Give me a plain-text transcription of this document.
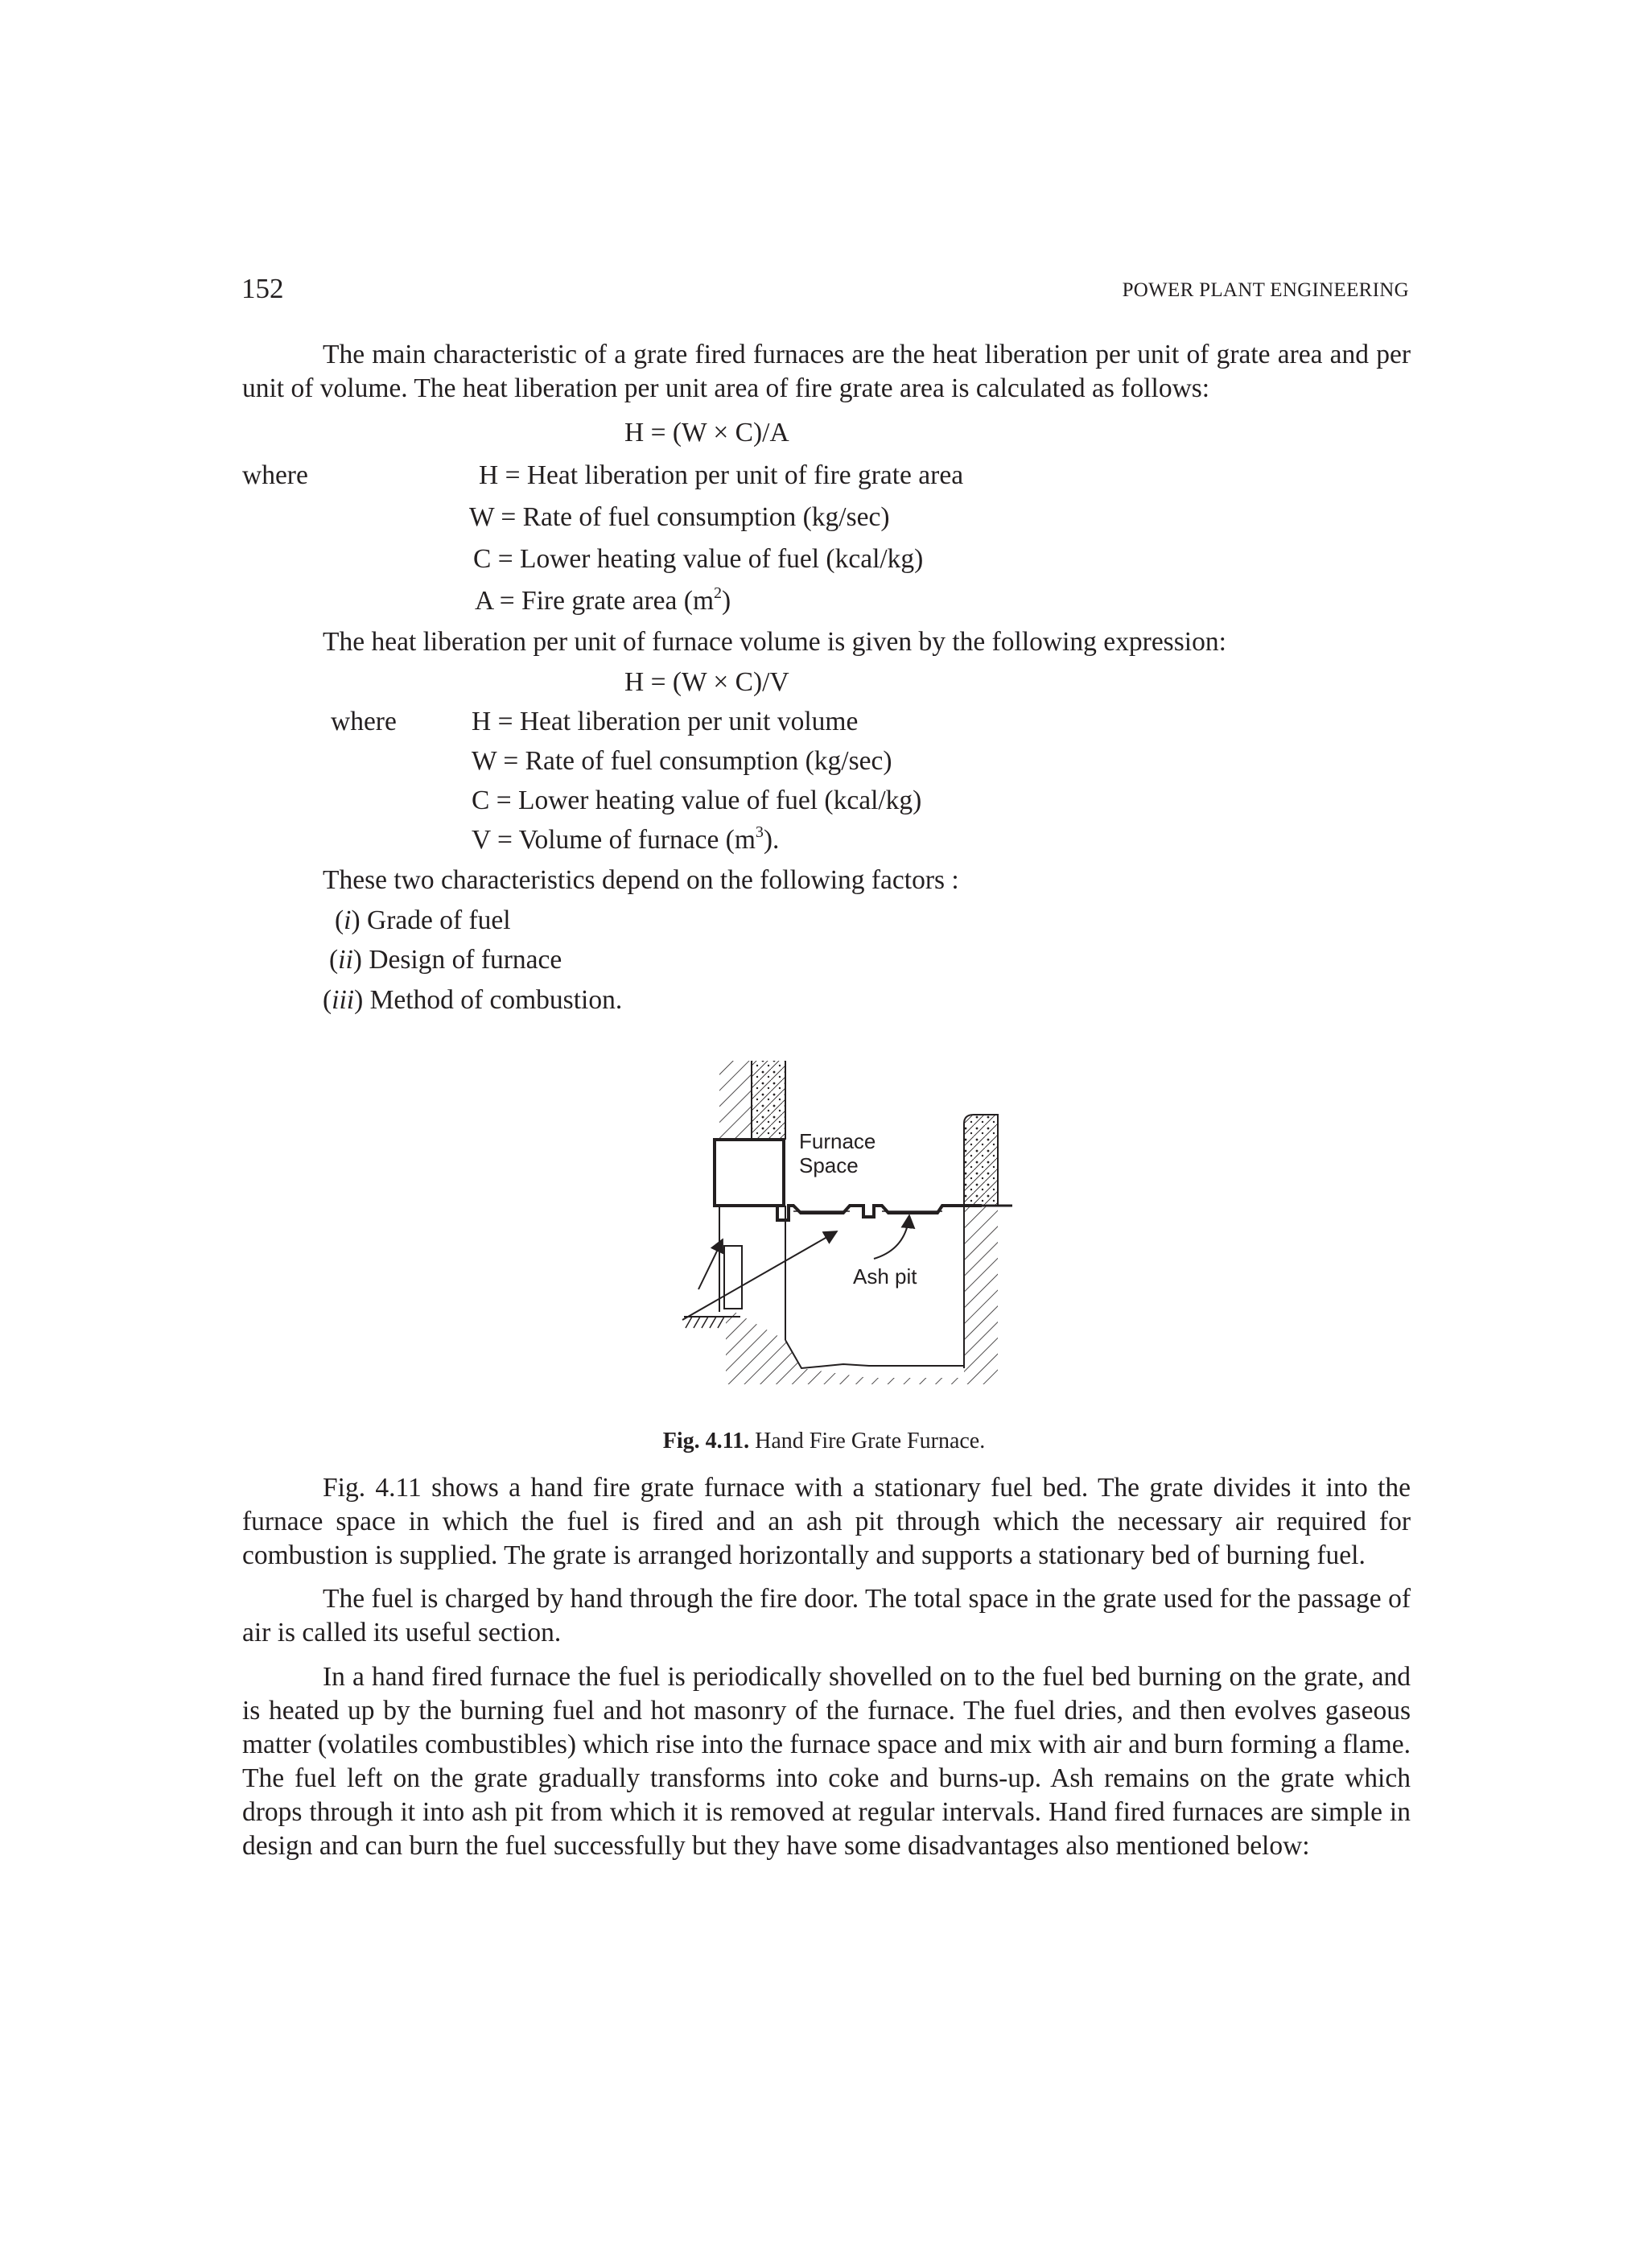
152	POWER PLANT ENGINEERING

The main characteristic of a grate fired furnaces are the heat liberation per unit of grate area and per unit of volume. The heat liberation per unit area of fire grate area is calculated as follows:

H = (W × C)/A
where	H = Heat liberation per unit of fire grate area
W = Rate of fuel consumption (kg/sec)
C = Lower heating value of fuel (kcal/kg)
A = Fire grate area $(m^2)$
The heat liberation per unit of furnace volume is given by the following expression:
H = (W × C)/V
where	H = Heat liberation per unit volume
W = Rate of fuel consumption (kg/sec)
C = Lower heating value of fuel (kcal/kg)
V = Volume of furnace $(m^3)$.
These two characteristics depend on the following factors :
(i) Grade of fuel
(ii) Design of furnace
(iii) Method of combustion.
Furnace
Space
Ash pit
Fig. 4.11. Hand Fire Grate Furnace.

Fig. 4.11 shows a hand fire grate furnace with a stationary fuel bed. The grate divides it into the furnace space in which the fuel is fired and an ash pit through which the necessary air required for combustion is supplied. The grate is arranged horizontally and supports a stationary bed of burning fuel.

The fuel is charged by hand through the fire door. The total space in the grate used for the passage of air is called its useful section.

In a hand fired furnace the fuel is periodically shovelled on to the fuel bed burning on the grate, and is heated up by the burning fuel and hot masonry of the furnace. The fuel dries, and then evolves gaseous matter (volatiles combustibles) which rise into the furnace space and mix with air and burn forming a flame. The fuel left on the grate gradually transforms into coke and burns-up. Ash remains on the grate which drops through it into ash pit from which it is removed at regular intervals. Hand fired furnaces are simple in design and can burn the fuel successfully but they have some disadvantages also mentioned below:
